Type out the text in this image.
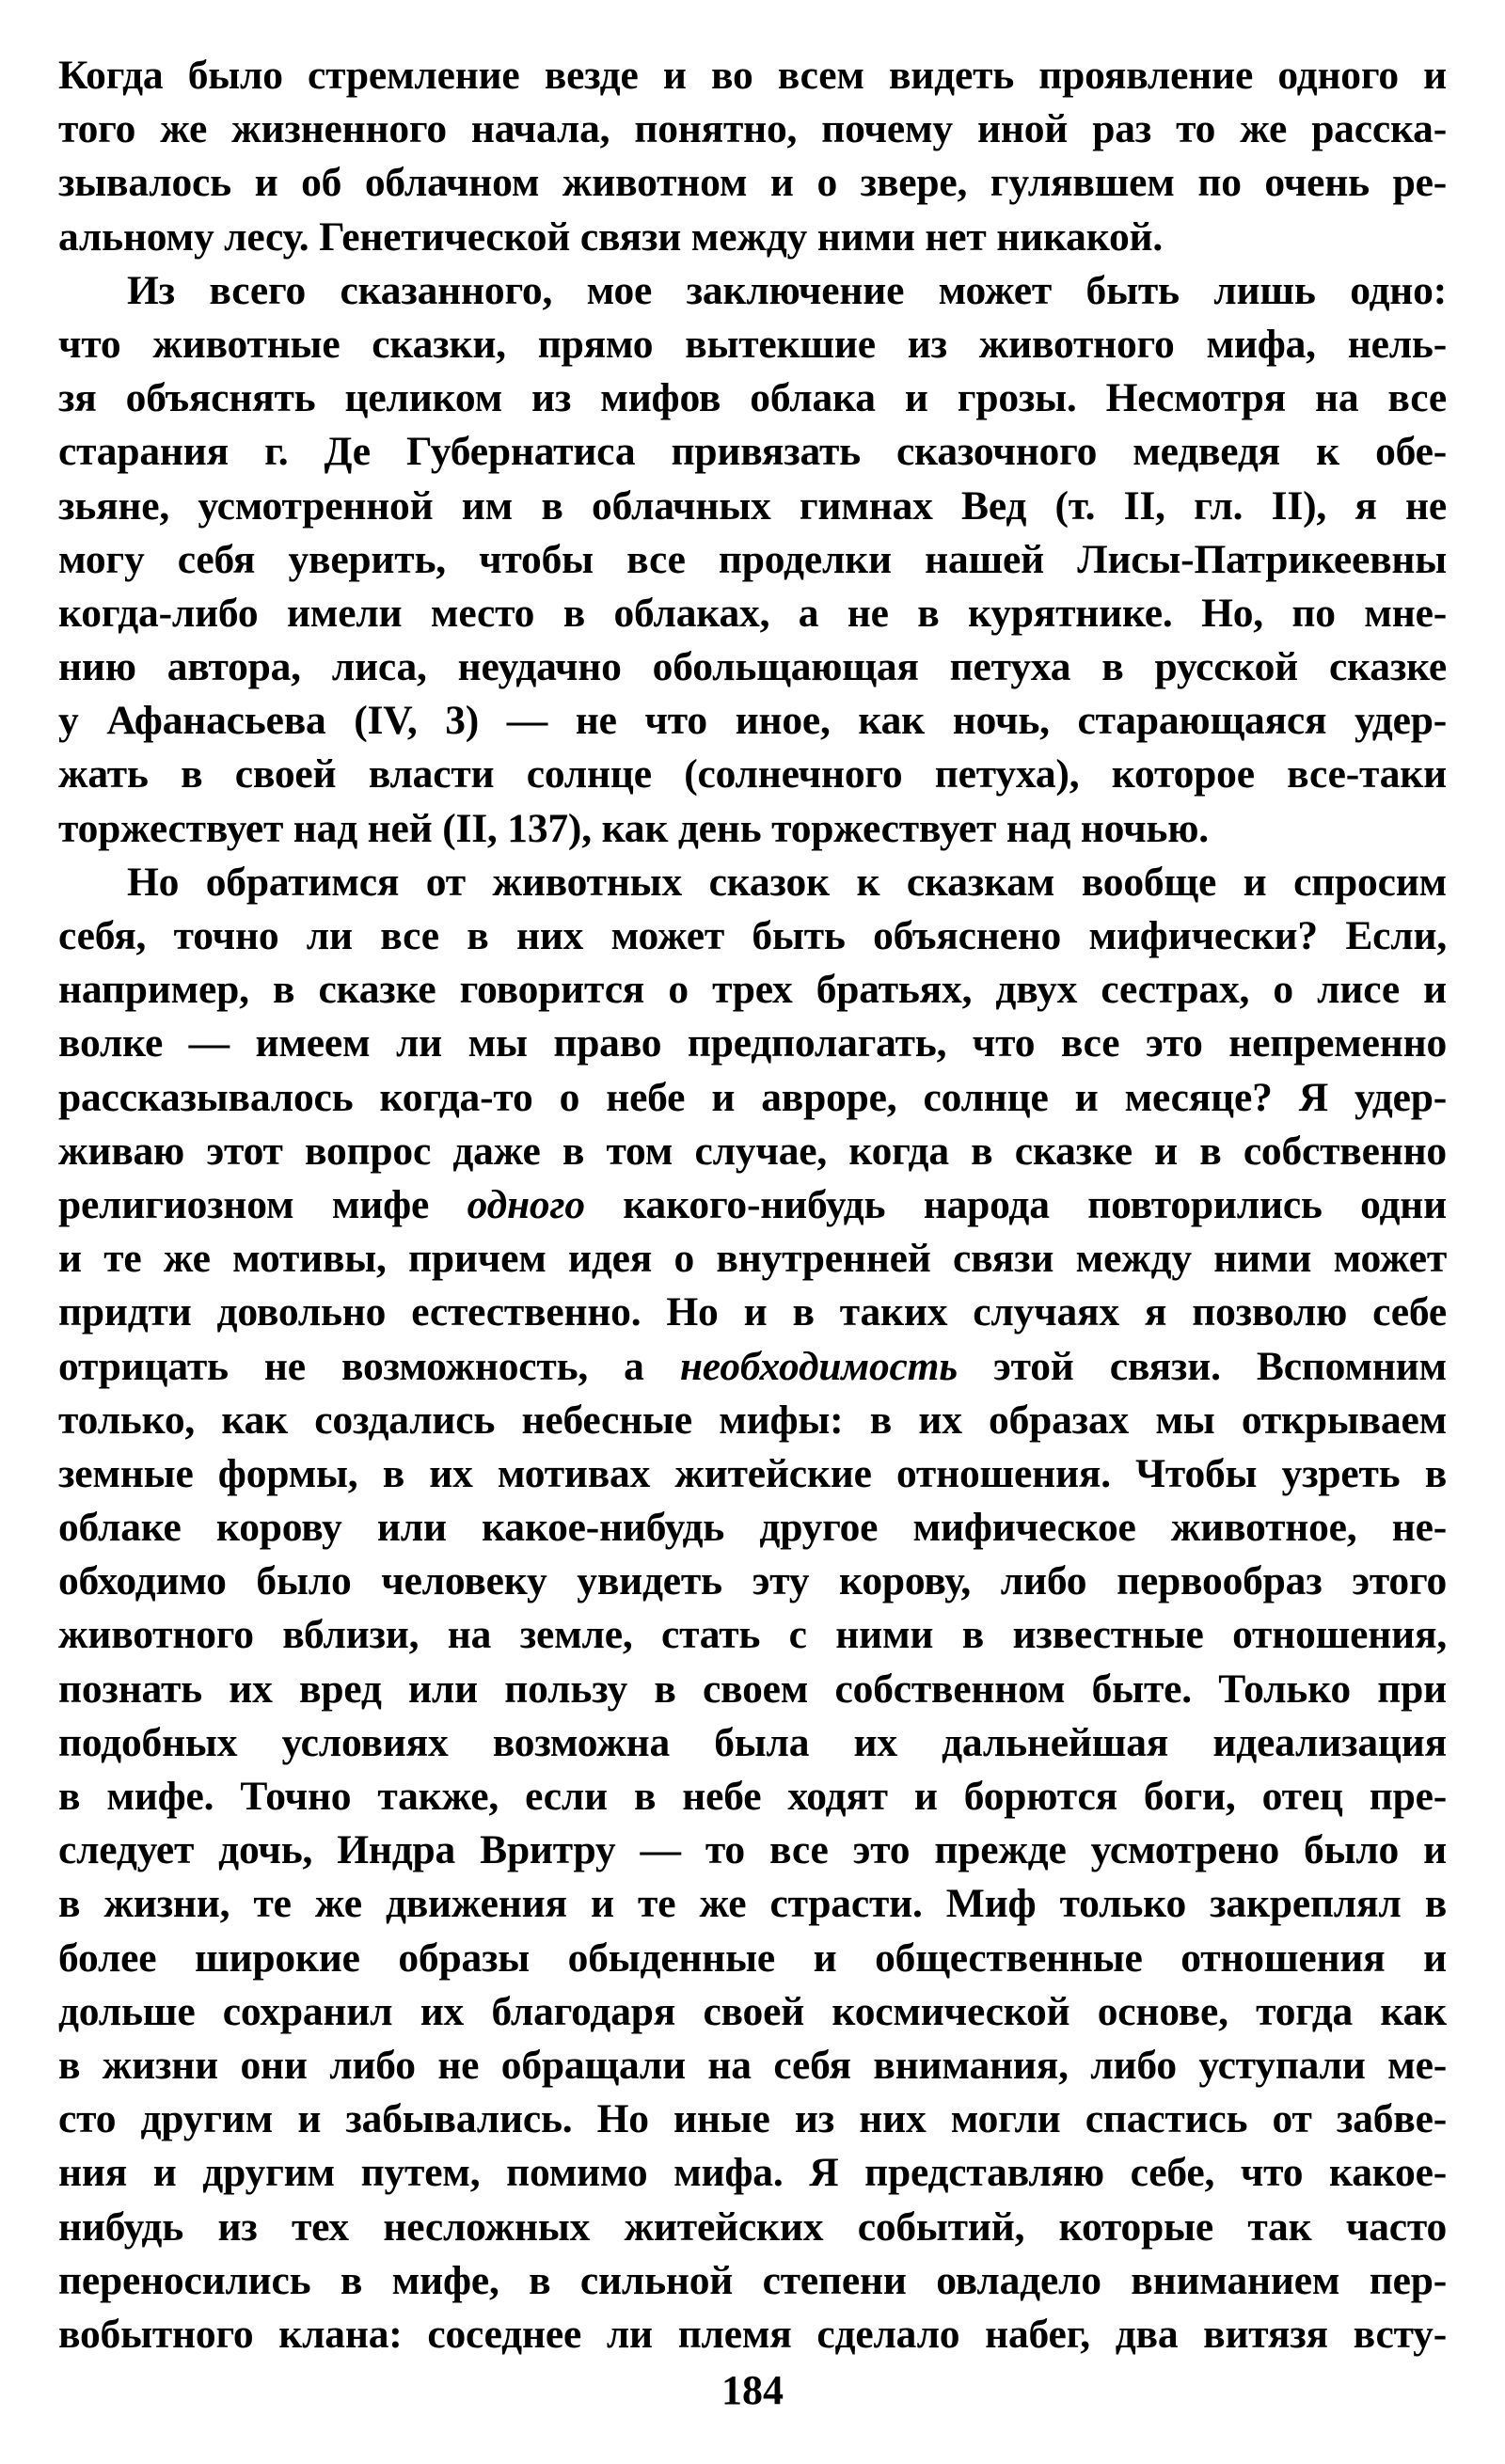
Когда было стремление везде и во всем видеть проявление одного и
того же жизненного начала, понятно, почему иной раз то же расска-
зывалось и об облачном животном и о звере, гулявшем по очень ре-
альному лесу. Генетической связи между ними нет никакой.
Из всего сказанного, мое заключение может быть лишь одно:
что животные сказки, прямо вытекшие из животного мифа, нель-
зя объяснять целиком из мифов облака и грозы. Несмотря на все
старания г. Де Губернатиса привязать сказочного медведя к обе-
зьяне, усмотренной им в облачных гимнах Вед (т. II, гл. II), я не
могу себя уверить, чтобы все проделки нашей Лисы-Патрикеевны
когда-либо имели место в облаках, а не в курятнике. Но, по мне-
нию автора, лиса, неудачно обольщающая петуха в русской сказке
у Афанасьева (IV, 3) — не что иное, как ночь, старающаяся удер-
жать в своей власти солнце (солнечного петуха), которое все-таки
торжествует над ней (II, 137), как день торжествует над ночью.
Но обратимся от животных сказок к сказкам вообще и спросим
себя, точно ли все в них может быть объяснено мифически? Если,
например, в сказке говорится о трех братьях, двух сестрах, о лисе и
волке — имеем ли мы право предполагать, что все это непременно
рассказывалось когда-то о небе и авроре, солнце и месяце? Я удер-
живаю этот вопрос даже в том случае, когда в сказке и в собственно
религиозном мифе одного какого-нибудь народа повторились одни
и те же мотивы, причем идея о внутренней связи между ними может
придти довольно естественно. Но и в таких случаях я позволю себе
отрицать не возможность, а необходимость этой связи. Вспомним
только, как создались небесные мифы: в их образах мы открываем
земные формы, в их мотивах житейские отношения. Чтобы узреть в
облаке корову или какое-нибудь другое мифическое животное, не-
обходимо было человеку увидеть эту корову, либо первообраз этого
животного вблизи, на земле, стать с ними в известные отношения,
познать их вред или пользу в своем собственном быте. Только при
подобных условиях возможна была их дальнейшая идеализация
в мифе. Точно также, если в небе ходят и борются боги, отец пре-
следует дочь, Индра Вритру — то все это прежде усмотрено было и
в жизни, те же движения и те же страсти. Миф только закреплял в
более широкие образы обыденные и общественные отношения и
дольше сохранил их благодаря своей космической основе, тогда как
в жизни они либо не обращали на себя внимания, либо уступали ме-
сто другим и забывались. Но иные из них могли спастись от забве-
ния и другим путем, помимо мифа. Я представляю себе, что какое-
нибудь из тех несложных житейских событий, которые так часто
переносились в мифе, в сильной степени овладело вниманием пер-
вобытного клана: соседнее ли племя сделало набег, два витязя всту-
184
